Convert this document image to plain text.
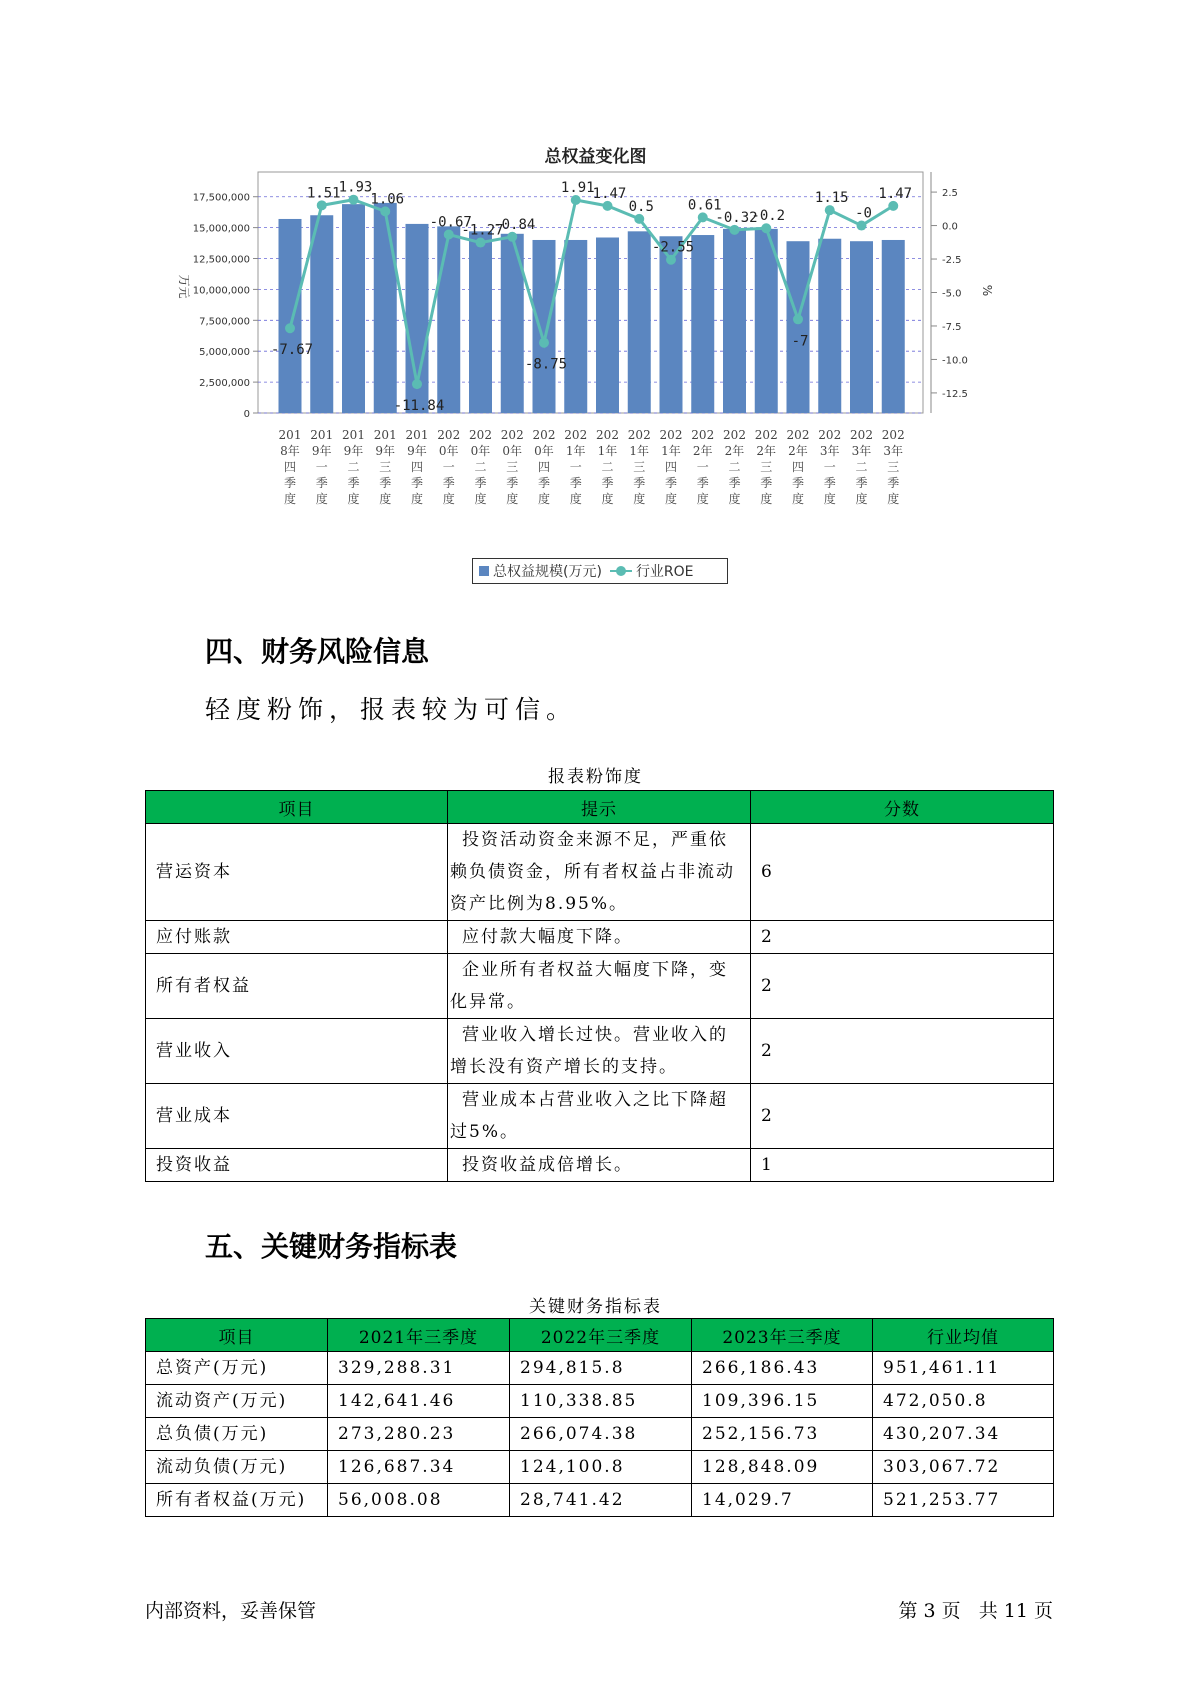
总权益变化图
0
2,500,000
5,000,000
7,500,000
10,000,000
12,500,000
15,000,000
17,500,000
万元
2.5
0.0
-2.5
-5.0
-7.5
-10.0
-12.5
%
-7.67
1.51
1.93
1.06
-11.84
-0.67
-1.27
-0.84
-8.75
1.91
1.47
0.5
-2.55
0.61
-0.32
-0.2
-7
1.15
-0
1.47
201
8年
四
季
度
201
9年
一
季
度
201
9年
二
季
度
201
9年
三
季
度
201
9年
四
季
度
202
0年
一
季
度
202
0年
二
季
度
202
0年
三
季
度
202
0年
四
季
度
202
1年
一
季
度
202
1年
二
季
度
202
1年
三
季
度
202
1年
四
季
度
202
2年
一
季
度
202
2年
二
季
度
202
2年
三
季
度
202
2年
四
季
度
202
3年
一
季
度
202
3年
二
季
度
202
3年
三
季
度
总权益规模(万元) 行业ROE
四、财务风险信息

轻度粉饰，报表较为可信。

报表粉饰度
项目	提示	分数
营运资本	投资活动资金来源不足，严重依赖负债资金，所有者权益占非流动资产比例为8.95%。	6
应付账款	应付款大幅度下降。	2
所有者权益	企业所有者权益大幅度下降，变化异常。	2
营业收入	营业收入增长过快。营业收入的增长没有资产增长的支持。	2
营业成本	营业成本占营业收入之比下降超过5%。	2
投资收益	投资收益成倍增长。	1
五、关键财务指标表
关键财务指标表
项目	2021年三季度	2022年三季度	2023年三季度	行业均值
总资产(万元)	329,288.31	294,815.8	266,186.43	951,461.11
流动资产(万元)	142,641.46	110,338.85	109,396.15	472,050.8
总负债(万元)	273,280.23	266,074.38	252,156.73	430,207.34
流动负债(万元)	126,687.34	124,100.8	128,848.09	303,067.72
所有者权益(万元)	56,008.08	28,741.42	14,029.7	521,253.77
内部资料，妥善保管	第 3 页   共 11 页
